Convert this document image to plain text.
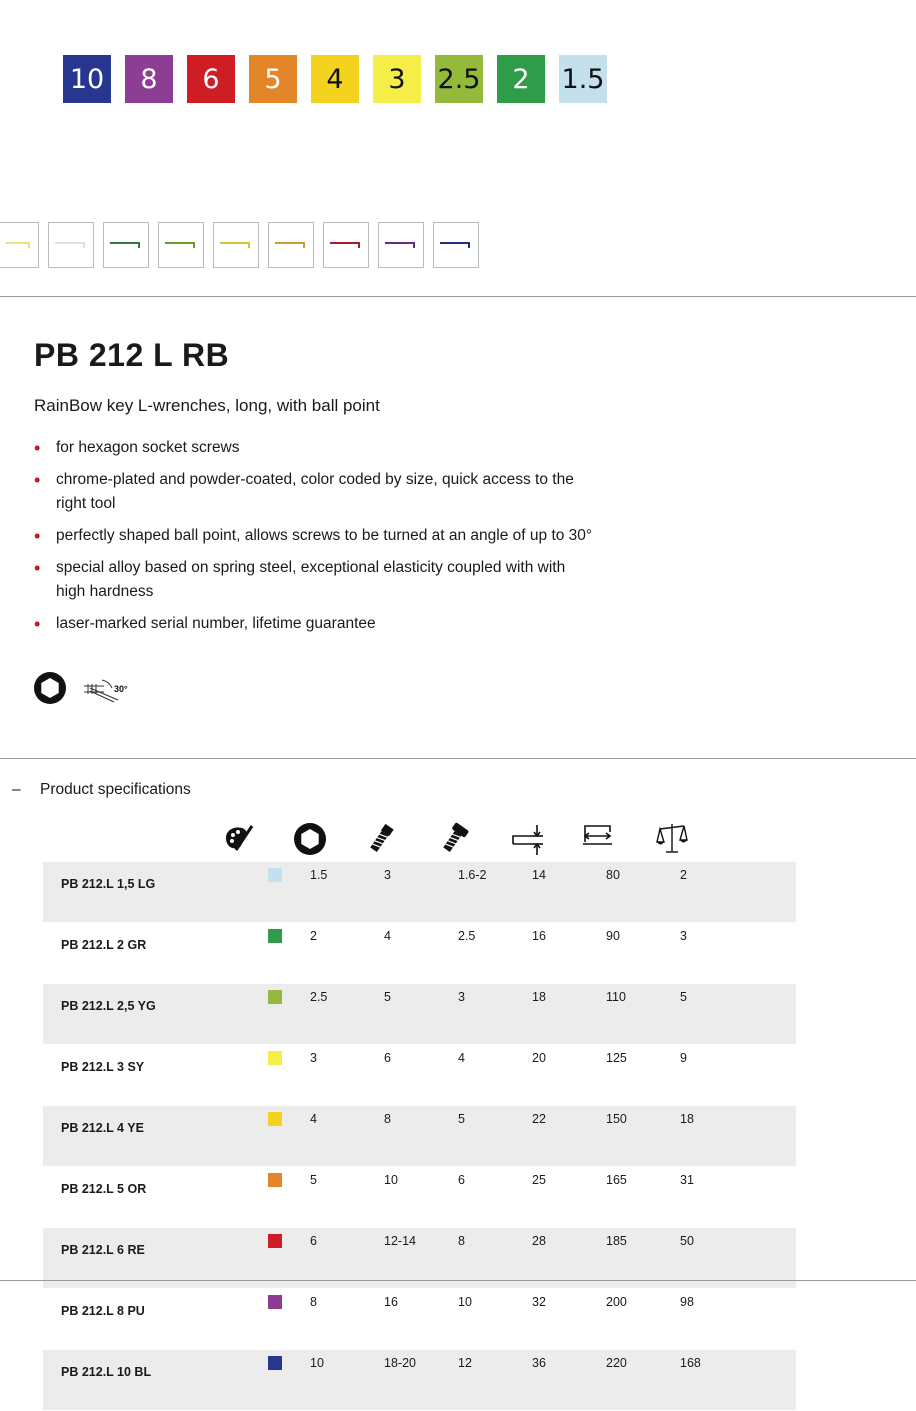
10	8	6	5	4	3	2.5	2	1.5
PB 212 L RB
RainBow key L-wrenches, long, with ball point
• for hexagon socket screws
• chrome-plated and powder-coated, color coded by size, quick access to the right tool
• perfectly shaped ball point, allows screws to be turned at an angle of up to 30°
• special alloy based on spring steel, exceptional elasticity coupled with with high hardness
• laser-marked serial number, lifetime guarantee
30°
– Product specifications
PB 212.L 1,5 LG		1.5	3	1.6-2	14	80	2
PB 212.L 2 GR		2	4	2.5	16	90	3
PB 212.L 2,5 YG		2.5	5	3	18	110	5
PB 212.L 3 SY		3	6	4	20	125	9
PB 212.L 4 YE		4	8	5	22	150	18
PB 212.L 5 OR		5	10	6	25	165	31
PB 212.L 6 RE		6	12-14	8	28	185	50
PB 212.L 8 PU		8	16	10	32	200	98
PB 212.L 10 BL		10	18-20	12	36	220	168
